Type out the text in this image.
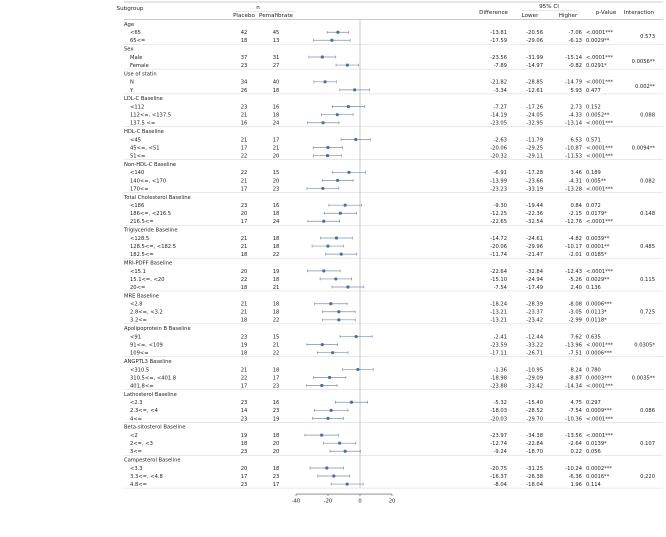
Subgroup	n
Placebo Pemafibrate	Difference
95% CI
Lower	Higher	p-Value Interaction
Age
<65	42	45	-13.81	-20.56	-7.06 <.0001***
65<=	18	13	-17.59	-29.06	-6.13 0.0029**
0.573
Sex
Male	37	31	-23.56	-31.99	-15.14 <.0001***
Female	23	27	-7.89	-14.97	-0.82 0.0291*
0.0056**
Use of statin
N	34	40	-21.82	-28.85	-14.79 <.0001***
Y	26	18	-3.34	-12.61	5.93 0.477
0.002**
LDL-C Baseline
<112	23	16	-7.27	-17.26	2.73 0.152
112<=, <137.5	21	18	-14.19	-24.05	-4.33 0.0052**
137.5 <=	16	24	-23.05	-32.95	-13.14 <.0001***
0.088
HDL-C Baseline
<45	21	17	-2.63	-11.79	6.53 0.571
45<=, <51	17	21	-20.06	-29.25	-10.87 <.0001***
51<=	22	20	-20.32	-29.11	-11.53 <.0001***
0.0094**
Non-HDL-C Baseline
<140	22	15	-6.91	-17.28	3.46 0.189
140<=, <170	21	20	-13.99	-23.66	-4.31 0.005**
170<=	17	23	-23.23	-33.19	-13.28 <.0001***
0.082
Total Cholesterol Baseline
<186	23	16	-9.30	-19.44	0.84 0.072
186<=, <216.5	20	18	-12.25	-22.36	-2.15 0.0179*
216.5<=	17	24	-22.65	-32.54	-12.76 <.0001***
0.148
Triglyceride Baseline
<128.5	21	18	-14.72	-24.61	-4.82 0.0039**
128.5<=, <182.5	21	18	-20.06	-29.96	-10.17 0.0001**
182.5<=	18	22	-11.74	-21.47	-2.01 0.0185*
0.485
MRI-PDFF Baseline
<15.1	20	19	-22.64	-32.84	-12.43 <.0001***
15.1<=, <20	22	18	-15.10	-24.94	-5.26 0.0029**
20<=	18	21	-7.54	-17.49	2.40 0.136
0.115
MRE Baseline
<2.8	21	18	-18.24	-28.39	-8.08 0.0006***
2.8<=, <3.2	21	18	-13.21	-23.37	-3.05 0.0113*
3.2<=	18	22	-13.21	-23.42	-2.99 0.0118*
0.725
Apolipoprotein B Baseline
<91	23	15	-2.41	-12.44	7.62 0.635
91<=, <109	19	21	-23.59	-33.22	-13.96 <.0001***
109<=	18	22	-17.11	-26.71	-7.51 0.0006***
0.0305*
ANGPTL3 Baseline
<310.5	21	18	-1.36	-10.95	8.24 0.780
310.5<=, <401.8	22	17	-18.98	-29.09	-8.87 0.0003***
401.8<=	17	23	-23.88	-33.42	-14.34 <.0001***
0.0035**
Lathosterol Baseline
<2.3	23	16	-5.32	-15.40	4.75 0.297
2.3<=, <4	14	23	-18.03	-28.52	-7.54 0.0009***
4<=	23	19	-20.03	-29.70	-10.36 <.0001***
0.086
Beta-sitosterol Baseline
<2	19	18	-23.97	-34.38	-13.56 <.0001***
2<=, <3	18	20	-12.74	-22.84	-2.64 0.0139*
3<=	23	20	-9.24	-18.70	0.22 0.056
0.107
Campesterol Baseline
<3.3	20	18	-20.75	-31.25	-10.24 0.0002***
3.3<=, <4.8	17	23	-16.37	-26.38	-6.36 0.0016**
4.8<=	23	17	-8.04	-18.04	1.96 0.114
0.220
-40	-20	0	20
